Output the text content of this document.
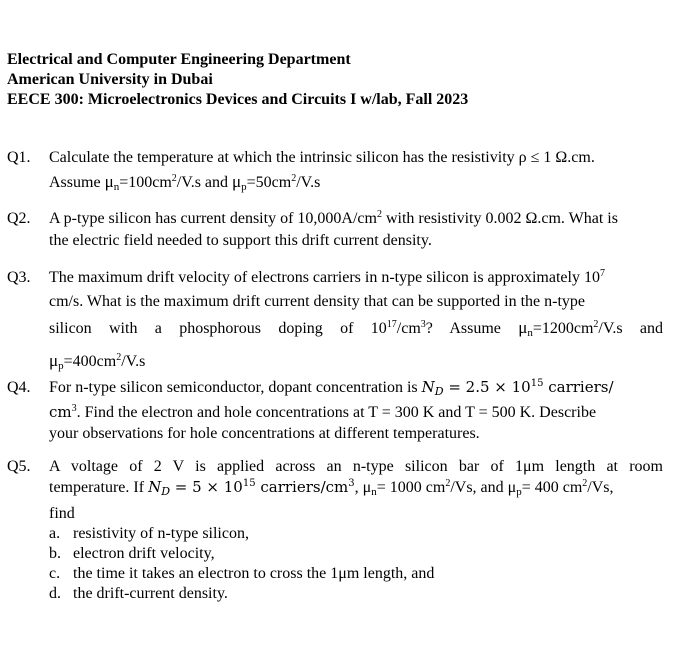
Electrical and Computer Engineering Department
American University in Dubai
EECE 300: Microelectronics Devices and Circuits I w/lab, Fall 2023
Q1. Calculate the temperature at which the intrinsic silicon has the resistivity ρ ≤ 1 Ω.cm.
Assume $\mu_n=100cm^2/V.s$ and $\mu_p=50cm^2/V.s$
Q2. A p-type silicon has current density of $10,000A/cm^2$ with resistivity 0.002 Ω.cm. What is
the electric field needed to support this drift current density.
Q3. The maximum drift velocity of electrons carriers in n-type silicon is approximately $10^7$
cm/s. What is the maximum drift current density that can be supported in the n-type
silicon with a phosphorous doping of $10^{17}/cm^3$? Assume $\mu_n=1200cm^2/V.s$ and
$\mu_p=400cm^2/V.s$
Q4. For n-type silicon semiconductor, dopant concentration is $N_D = 2.5 \times 10^{15}$ carriers/
$cm^3$. Find the electron and hole concentrations at T = 300 K and T = 500 K. Describe
your observations for hole concentrations at different temperatures.
Q5. A voltage of 2 V is applied across an n-type silicon bar of 1μm length at room
temperature. If $N_D = 5 \times 10^{15}$ carriers/$cm^3$, $\mu_n= 1000$ $cm^2/Vs$, and $\mu_p= 400$ $cm^2/Vs$,
find
a. resistivity of n-type silicon,
b. electron drift velocity,
c. the time it takes an electron to cross the 1μm length, and
d. the drift-current density.
